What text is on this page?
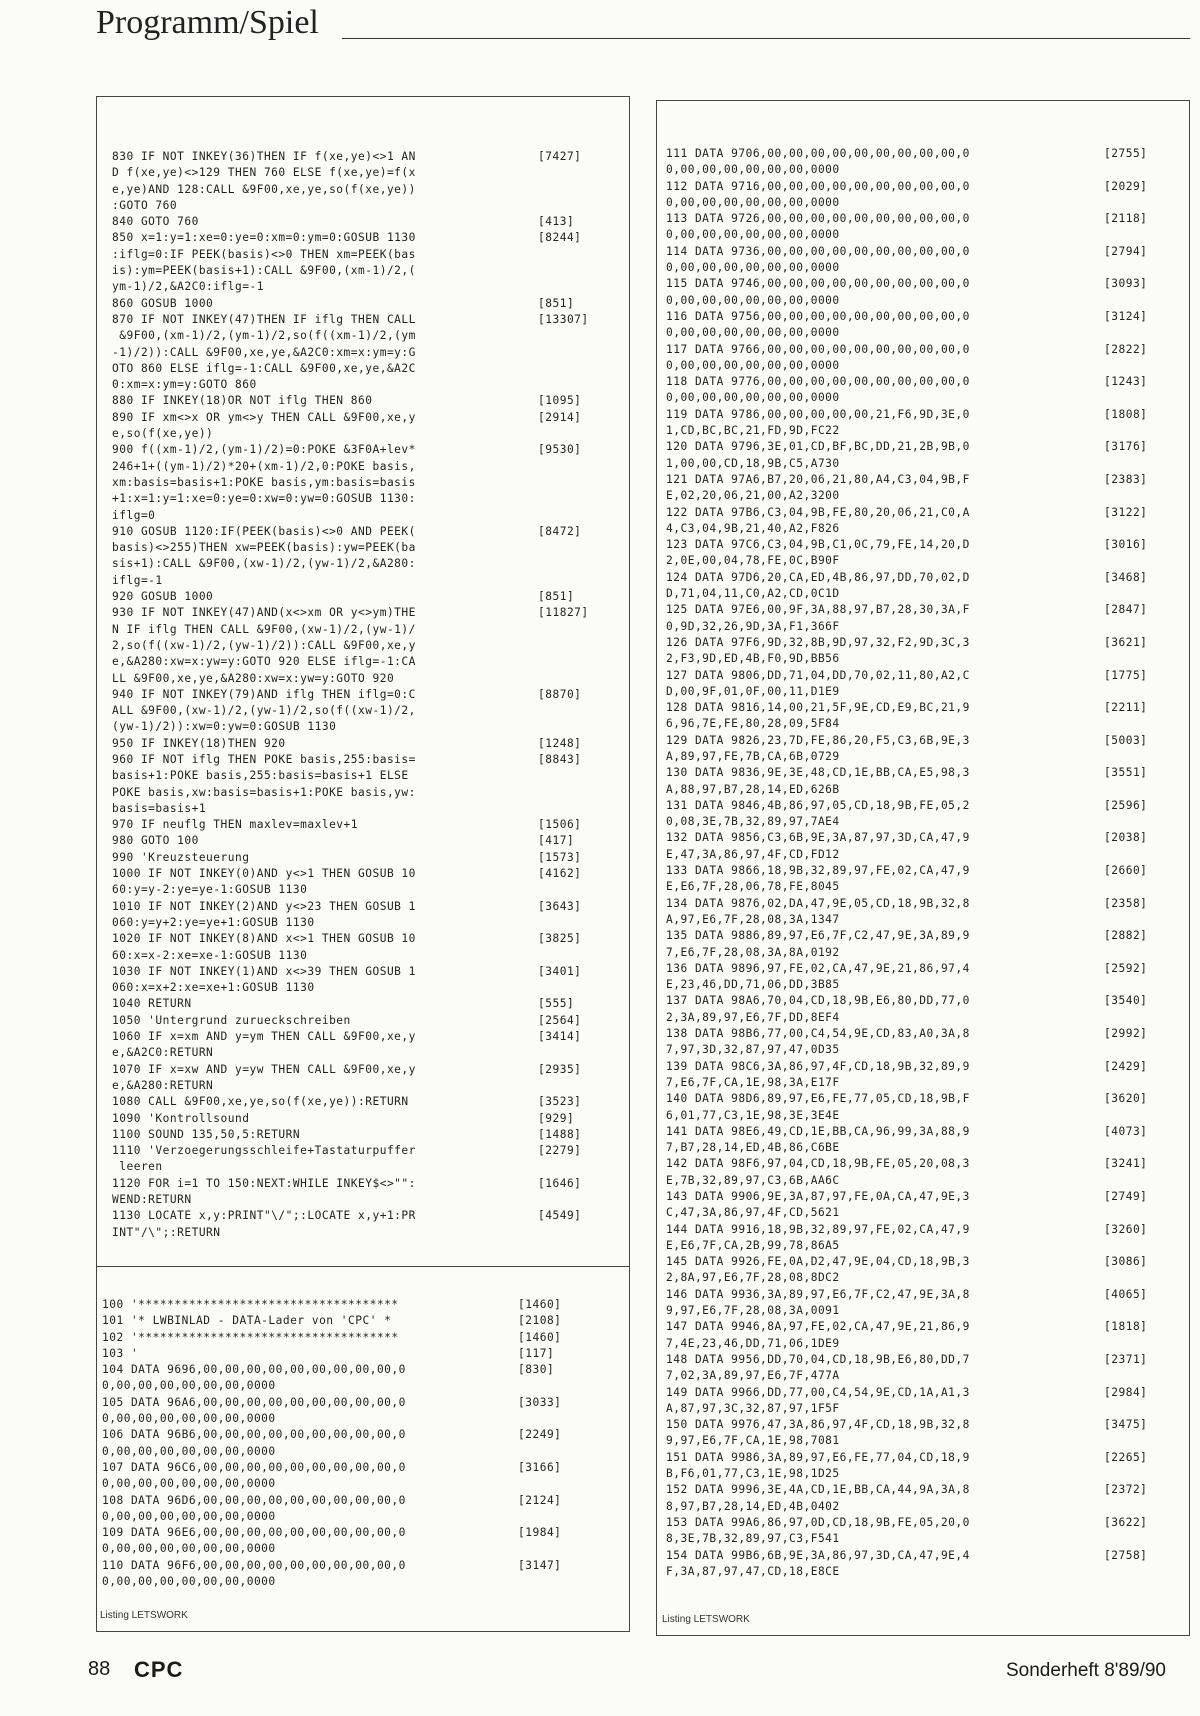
Programm/Spiel
830 IF NOT INKEY(36)THEN IF f(xe,ye)<>1 AN	[7427]
D f(xe,ye)<>129 THEN 760 ELSE f(xe,ye)=f(x
e,ye)AND 128:CALL &9F00,xe,ye,so(f(xe,ye))
:GOTO 760
840 GOTO 760	[413]
850 x=1:y=1:xe=0:ye=0:xm=0:ym=0:GOSUB 1130	[8244]
:iflg=0:IF PEEK(basis)<>0 THEN xm=PEEK(bas
is):ym=PEEK(basis+1):CALL &9F00,(xm-1)/2,(
ym-1)/2,&A2C0:iflg=-1
860 GOSUB 1000	[851]
870 IF NOT INKEY(47)THEN IF iflg THEN CALL	[13307]
&9F00,(xm-1)/2,(ym-1)/2,so(f((xm-1)/2,(ym
-1)/2)):CALL &9F00,xe,ye,&A2C0:xm=x:ym=y:G
OTO 860 ELSE iflg=-1:CALL &9F00,xe,ye,&A2C
0:xm=x:ym=y:GOTO 860
880 IF INKEY(18)OR NOT iflg THEN 860	[1095]
890 IF xm<>x OR ym<>y THEN CALL &9F00,xe,y	[2914]
e,so(f(xe,ye))
900 f((xm-1)/2,(ym-1)/2)=0:POKE &3F0A+lev*	[9530]
246+1+((ym-1)/2)*20+(xm-1)/2,0:POKE basis,
xm:basis=basis+1:POKE basis,ym:basis=basis
+1:x=1:y=1:xe=0:ye=0:xw=0:yw=0:GOSUB 1130:
iflg=0
910 GOSUB 1120:IF(PEEK(basis)<>0 AND PEEK(	[8472]
basis)<>255)THEN xw=PEEK(basis):yw=PEEK(ba
sis+1):CALL &9F00,(xw-1)/2,(yw-1)/2,&A280:
iflg=-1
920 GOSUB 1000	[851]
930 IF NOT INKEY(47)AND(x<>xm OR y<>ym)THE	[11827]
N IF iflg THEN CALL &9F00,(xw-1)/2,(yw-1)/
2,so(f((xw-1)/2,(yw-1)/2)):CALL &9F00,xe,y
e,&A280:xw=x:yw=y:GOTO 920 ELSE iflg=-1:CA
LL &9F00,xe,ye,&A280:xw=x:yw=y:GOTO 920
940 IF NOT INKEY(79)AND iflg THEN iflg=0:C	[8870]
ALL &9F00,(xw-1)/2,(yw-1)/2,so(f((xw-1)/2,
(yw-1)/2)):xw=0:yw=0:GOSUB 1130
950 IF INKEY(18)THEN 920	[1248]
960 IF NOT iflg THEN POKE basis,255:basis=	[8843]
basis+1:POKE basis,255:basis=basis+1 ELSE
POKE basis,xw:basis=basis+1:POKE basis,yw:
basis=basis+1
970 IF neuflg THEN maxlev=maxlev+1	[1506]
980 GOTO 100	[417]
990 'Kreuzsteuerung	[1573]
1000 IF NOT INKEY(0)AND y<>1 THEN GOSUB 10	[4162]
60:y=y-2:ye=ye-1:GOSUB 1130
1010 IF NOT INKEY(2)AND y<>23 THEN GOSUB 1	[3643]
060:y=y+2:ye=ye+1:GOSUB 1130
1020 IF NOT INKEY(8)AND x<>1 THEN GOSUB 10	[3825]
60:x=x-2:xe=xe-1:GOSUB 1130
1030 IF NOT INKEY(1)AND x<>39 THEN GOSUB 1	[3401]
060:x=x+2:xe=xe+1:GOSUB 1130
1040 RETURN	[555]
1050 'Untergrund zurueckschreiben	[2564]
1060 IF x=xm AND y=ym THEN CALL &9F00,xe,y	[3414]
e,&A2C0:RETURN
1070 IF x=xw AND y=yw THEN CALL &9F00,xe,y	[2935]
e,&A280:RETURN
1080 CALL &9F00,xe,ye,so(f(xe,ye)):RETURN	[3523]
1090 'Kontrollsound	[929]
1100 SOUND 135,50,5:RETURN	[1488]
1110 'Verzoegerungsschleife+Tastaturpuffer	[2279]
leeren
1120 FOR i=1 TO 150:NEXT:WHILE INKEY$<>"":	[1646]
WEND:RETURN
1130 LOCATE x,y:PRINT"\/";:LOCATE x,y+1:PR	[4549]
INT"/\";:RETURN
100 '************************************	[1460]
101 '* LWBINLAD - DATA-Lader von 'CPC' *	[2108]
102 '************************************	[1460]
103 '	[117]
104 DATA 9696,00,00,00,00,00,00,00,00,00,0	[830]
0,00,00,00,00,00,00,0000
105 DATA 96A6,00,00,00,00,00,00,00,00,00,0	[3033]
0,00,00,00,00,00,00,0000
106 DATA 96B6,00,00,00,00,00,00,00,00,00,0	[2249]
0,00,00,00,00,00,00,0000
107 DATA 96C6,00,00,00,00,00,00,00,00,00,0	[3166]
0,00,00,00,00,00,00,0000
108 DATA 96D6,00,00,00,00,00,00,00,00,00,0	[2124]
0,00,00,00,00,00,00,0000
109 DATA 96E6,00,00,00,00,00,00,00,00,00,0	[1984]
0,00,00,00,00,00,00,0000
110 DATA 96F6,00,00,00,00,00,00,00,00,00,0	[3147]
0,00,00,00,00,00,00,0000
Listing LETSWORK
111 DATA 9706,00,00,00,00,00,00,00,00,00,0	[2755]
0,00,00,00,00,00,00,0000
112 DATA 9716,00,00,00,00,00,00,00,00,00,0	[2029]
0,00,00,00,00,00,00,0000
113 DATA 9726,00,00,00,00,00,00,00,00,00,0	[2118]
0,00,00,00,00,00,00,0000
114 DATA 9736,00,00,00,00,00,00,00,00,00,0	[2794]
0,00,00,00,00,00,00,0000
115 DATA 9746,00,00,00,00,00,00,00,00,00,0	[3093]
0,00,00,00,00,00,00,0000
116 DATA 9756,00,00,00,00,00,00,00,00,00,0	[3124]
0,00,00,00,00,00,00,0000
117 DATA 9766,00,00,00,00,00,00,00,00,00,0	[2822]
0,00,00,00,00,00,00,0000
118 DATA 9776,00,00,00,00,00,00,00,00,00,0	[1243]
0,00,00,00,00,00,00,0000
119 DATA 9786,00,00,00,00,00,21,F6,9D,3E,0	[1808]
1,CD,BC,BC,21,FD,9D,FC22
120 DATA 9796,3E,01,CD,BF,BC,DD,21,2B,9B,0	[3176]
1,00,00,CD,18,9B,C5,A730
121 DATA 97A6,B7,20,06,21,80,A4,C3,04,9B,F	[2383]
E,02,20,06,21,00,A2,3200
122 DATA 97B6,C3,04,9B,FE,80,20,06,21,C0,A	[3122]
4,C3,04,9B,21,40,A2,F826
123 DATA 97C6,C3,04,9B,C1,0C,79,FE,14,20,D	[3016]
2,0E,00,04,78,FE,0C,B90F
124 DATA 97D6,20,CA,ED,4B,86,97,DD,70,02,D	[3468]
D,71,04,11,C0,A2,CD,0C1D
125 DATA 97E6,00,9F,3A,88,97,B7,28,30,3A,F	[2847]
0,9D,32,26,9D,3A,F1,366F
126 DATA 97F6,9D,32,8B,9D,97,32,F2,9D,3C,3	[3621]
2,F3,9D,ED,4B,F0,9D,BB56
127 DATA 9806,DD,71,04,DD,70,02,11,80,A2,C	[1775]
D,00,9F,01,0F,00,11,D1E9
128 DATA 9816,14,00,21,5F,9E,CD,E9,BC,21,9	[2211]
6,96,7E,FE,80,28,09,5F84
129 DATA 9826,23,7D,FE,86,20,F5,C3,6B,9E,3	[5003]
A,89,97,FE,7B,CA,6B,0729
130 DATA 9836,9E,3E,48,CD,1E,BB,CA,E5,98,3	[3551]
A,88,97,B7,28,14,ED,626B
131 DATA 9846,4B,86,97,05,CD,18,9B,FE,05,2	[2596]
0,08,3E,7B,32,89,97,7AE4
132 DATA 9856,C3,6B,9E,3A,87,97,3D,CA,47,9	[2038]
E,47,3A,86,97,4F,CD,FD12
133 DATA 9866,18,9B,32,89,97,FE,02,CA,47,9	[2660]
E,E6,7F,28,06,78,FE,8045
134 DATA 9876,02,DA,47,9E,05,CD,18,9B,32,8	[2358]
A,97,E6,7F,28,08,3A,1347
135 DATA 9886,89,97,E6,7F,C2,47,9E,3A,89,9	[2882]
7,E6,7F,28,08,3A,8A,0192
136 DATA 9896,97,FE,02,CA,47,9E,21,86,97,4	[2592]
E,23,46,DD,71,06,DD,3B85
137 DATA 98A6,70,04,CD,18,9B,E6,80,DD,77,0	[3540]
2,3A,89,97,E6,7F,DD,8EF4
138 DATA 98B6,77,00,C4,54,9E,CD,83,A0,3A,8	[2992]
7,97,3D,32,87,97,47,0D35
139 DATA 98C6,3A,86,97,4F,CD,18,9B,32,89,9	[2429]
7,E6,7F,CA,1E,98,3A,E17F
140 DATA 98D6,89,97,E6,FE,77,05,CD,18,9B,F	[3620]
6,01,77,C3,1E,98,3E,3E4E
141 DATA 98E6,49,CD,1E,BB,CA,96,99,3A,88,9	[4073]
7,B7,28,14,ED,4B,86,C6BE
142 DATA 98F6,97,04,CD,18,9B,FE,05,20,08,3	[3241]
E,7B,32,89,97,C3,6B,AA6C
143 DATA 9906,9E,3A,87,97,FE,0A,CA,47,9E,3	[2749]
C,47,3A,86,97,4F,CD,5621
144 DATA 9916,18,9B,32,89,97,FE,02,CA,47,9	[3260]
E,E6,7F,CA,2B,99,78,86A5
145 DATA 9926,FE,0A,D2,47,9E,04,CD,18,9B,3	[3086]
2,8A,97,E6,7F,28,08,8DC2
146 DATA 9936,3A,89,97,E6,7F,C2,47,9E,3A,8	[4065]
9,97,E6,7F,28,08,3A,0091
147 DATA 9946,8A,97,FE,02,CA,47,9E,21,86,9	[1818]
7,4E,23,46,DD,71,06,1DE9
148 DATA 9956,DD,70,04,CD,18,9B,E6,80,DD,7	[2371]
7,02,3A,89,97,E6,7F,477A
149 DATA 9966,DD,77,00,C4,54,9E,CD,1A,A1,3	[2984]
A,87,97,3C,32,87,97,1F5F
150 DATA 9976,47,3A,86,97,4F,CD,18,9B,32,8	[3475]
9,97,E6,7F,CA,1E,98,7081
151 DATA 9986,3A,89,97,E6,FE,77,04,CD,18,9	[2265]
B,F6,01,77,C3,1E,98,1D25
152 DATA 9996,3E,4A,CD,1E,BB,CA,44,9A,3A,8	[2372]
8,97,B7,28,14,ED,4B,0402
153 DATA 99A6,86,97,0D,CD,18,9B,FE,05,20,0	[3622]
8,3E,7B,32,89,97,C3,F541
154 DATA 99B6,6B,9E,3A,86,97,3D,CA,47,9E,4	[2758]
F,3A,87,97,47,CD,18,E8CE
Listing LETSWORK
88 CPC	Sonderheft 8'89/90
